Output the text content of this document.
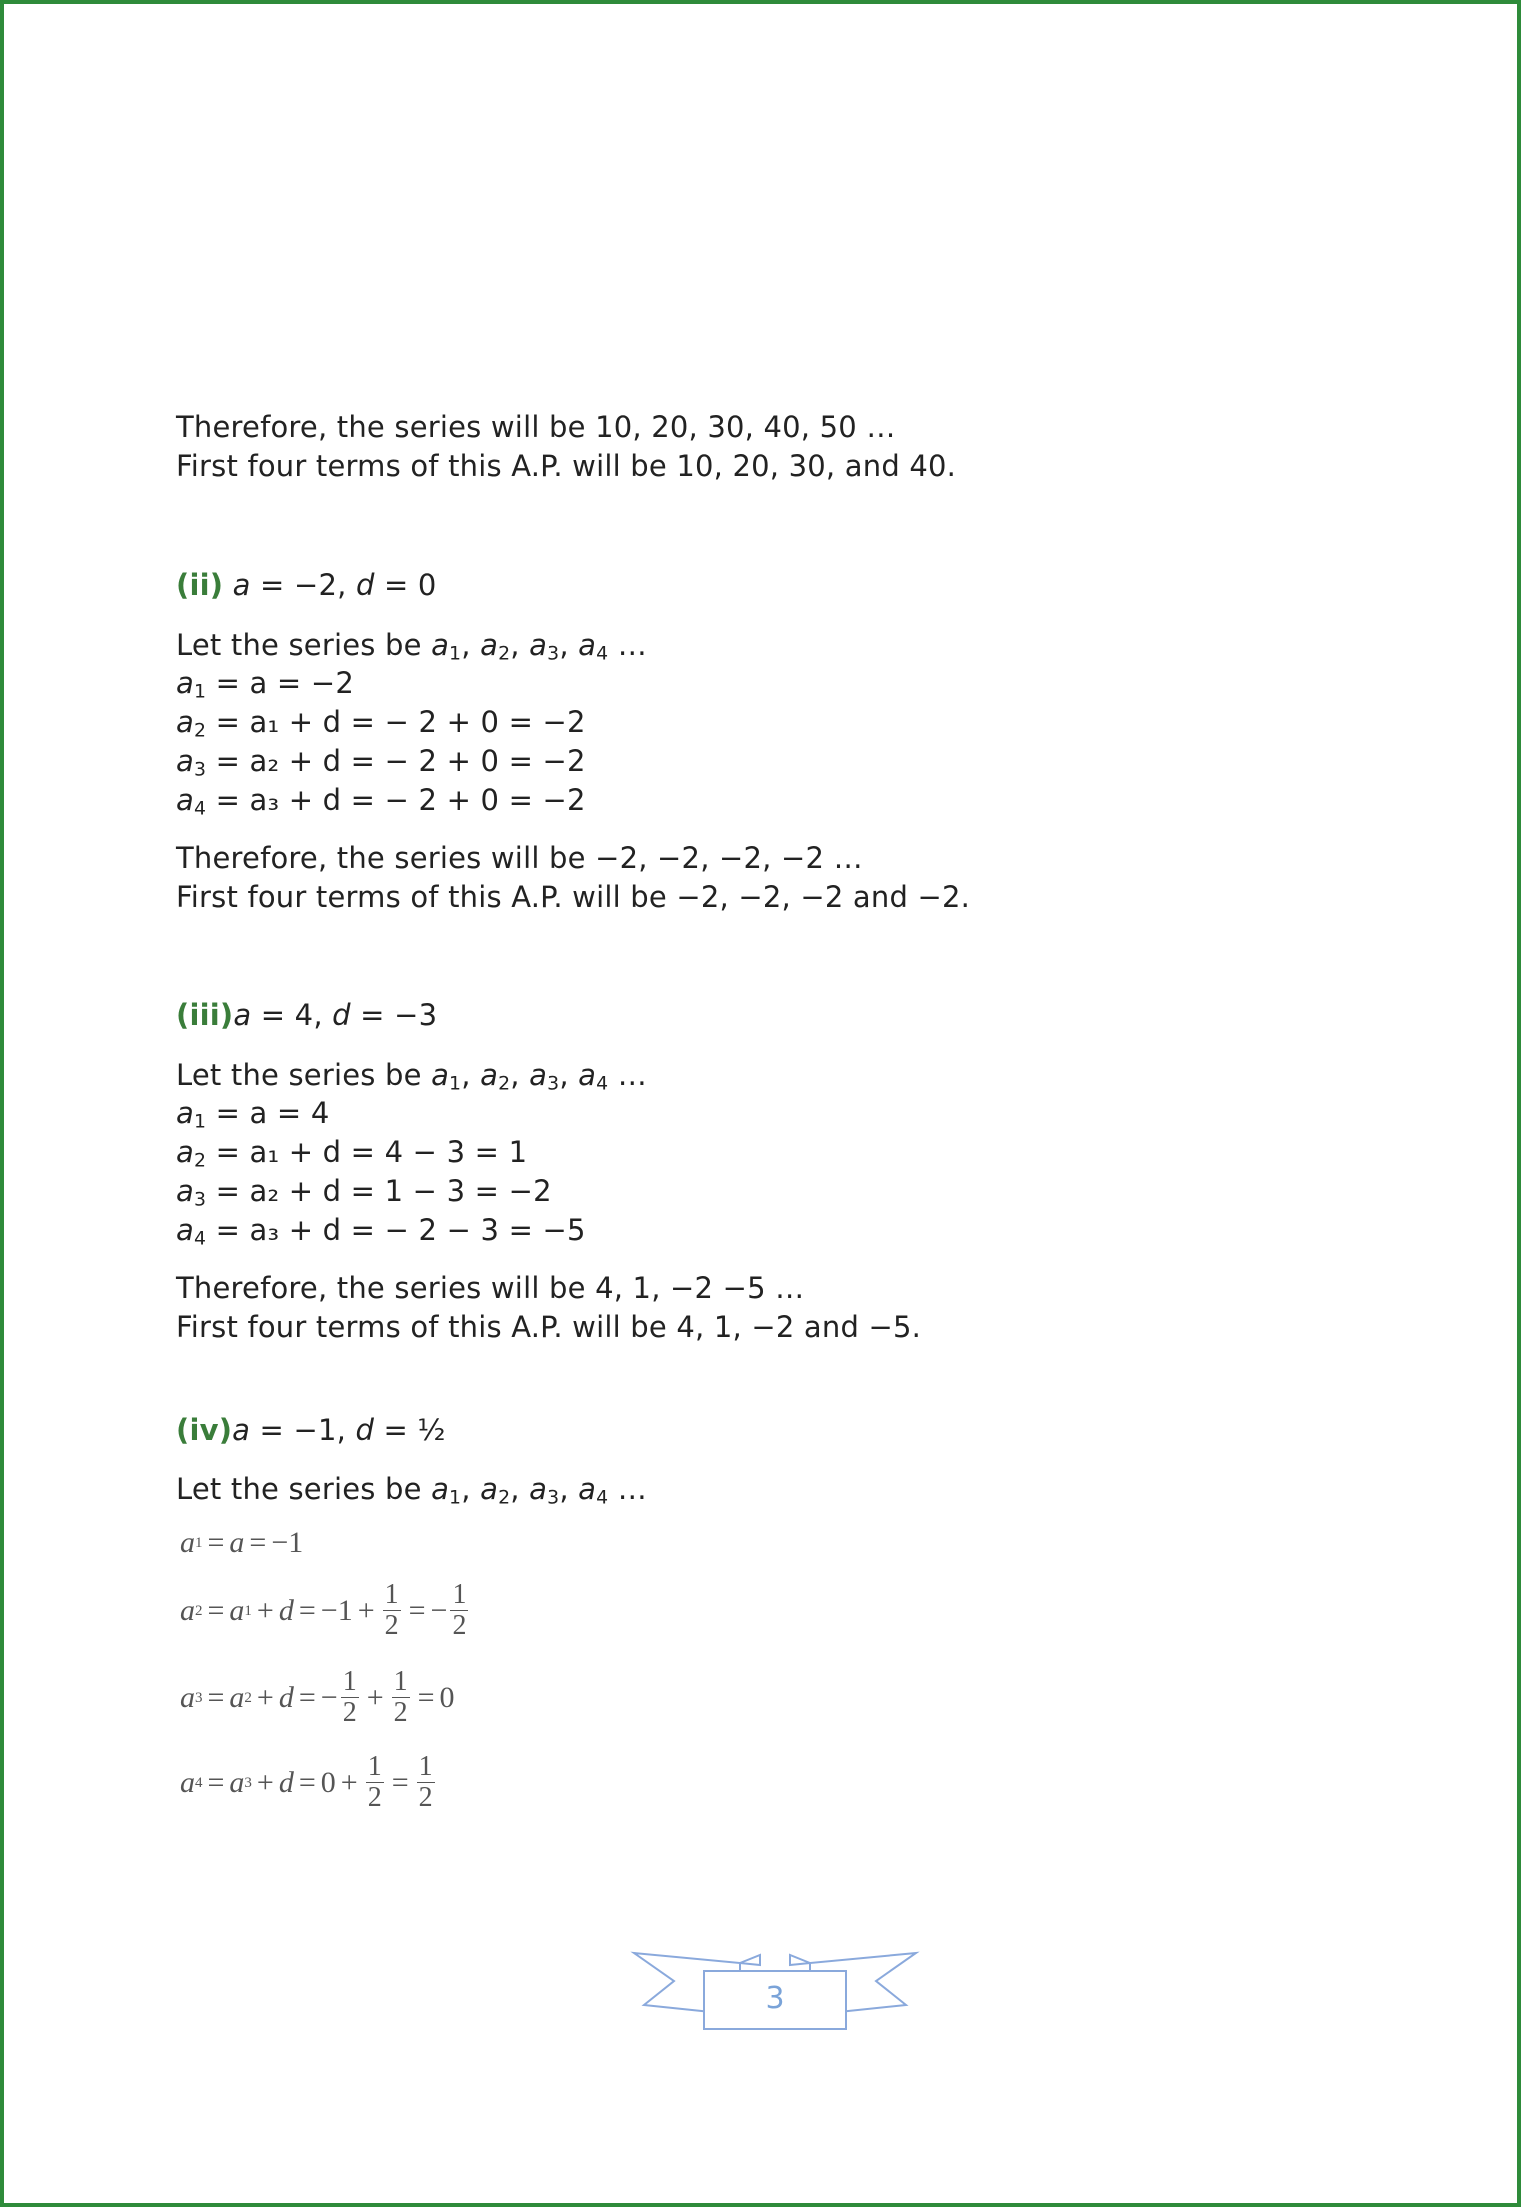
Therefore, the series will be 10, 20, 30, 40, 50 …
First four terms of this A.P. will be 10, 20, 30, and 40.
(ii) a = −2, d = 0
Let the series be $a_1$, $a_2$, $a_3$, $a_4$ …
$a_1 = a = -2$
$a_2 = a_1 + d$ = − 2 + 0 = −2
$a_3 = a_2 + d$ = − 2 + 0 = −2
$a_4 = a_3 + d$ = − 2 + 0 = −2
Therefore, the series will be −2, −2, −2, −2 …
First four terms of this A.P. will be −2, −2, −2 and −2.
(iii)a = 4, d = −3
Let the series be $a_1$, $a_2$, $a_3$, $a_4$ …
$a_1 = a = 4$
$a_2 = a_1 + d = 4 - 3 = 1$
$a_3 = a_2 + d = 1 - 3 = -2$
$a_4 = a_3 + d$ = − 2 − 3 = −5
Therefore, the series will be 4, 1, −2 −5 …
First four terms of this A.P. will be 4, 1, −2 and −5.
(iv)a = −1, d = ½
Let the series be $a_1$, $a_2$, $a_3$, $a_4$ …
a 1 = a = − 1
a 2 = a 1 + d = − $1 + \frac{1}{2}$ = − $\frac{1}{2}$
a 3 = a 2 + d = − $\frac{1}{2} + \frac{1}{2} = 0$
a 4 = a $3 + d = 0 + \frac{1}{2} = \frac{1}{2}$
3
